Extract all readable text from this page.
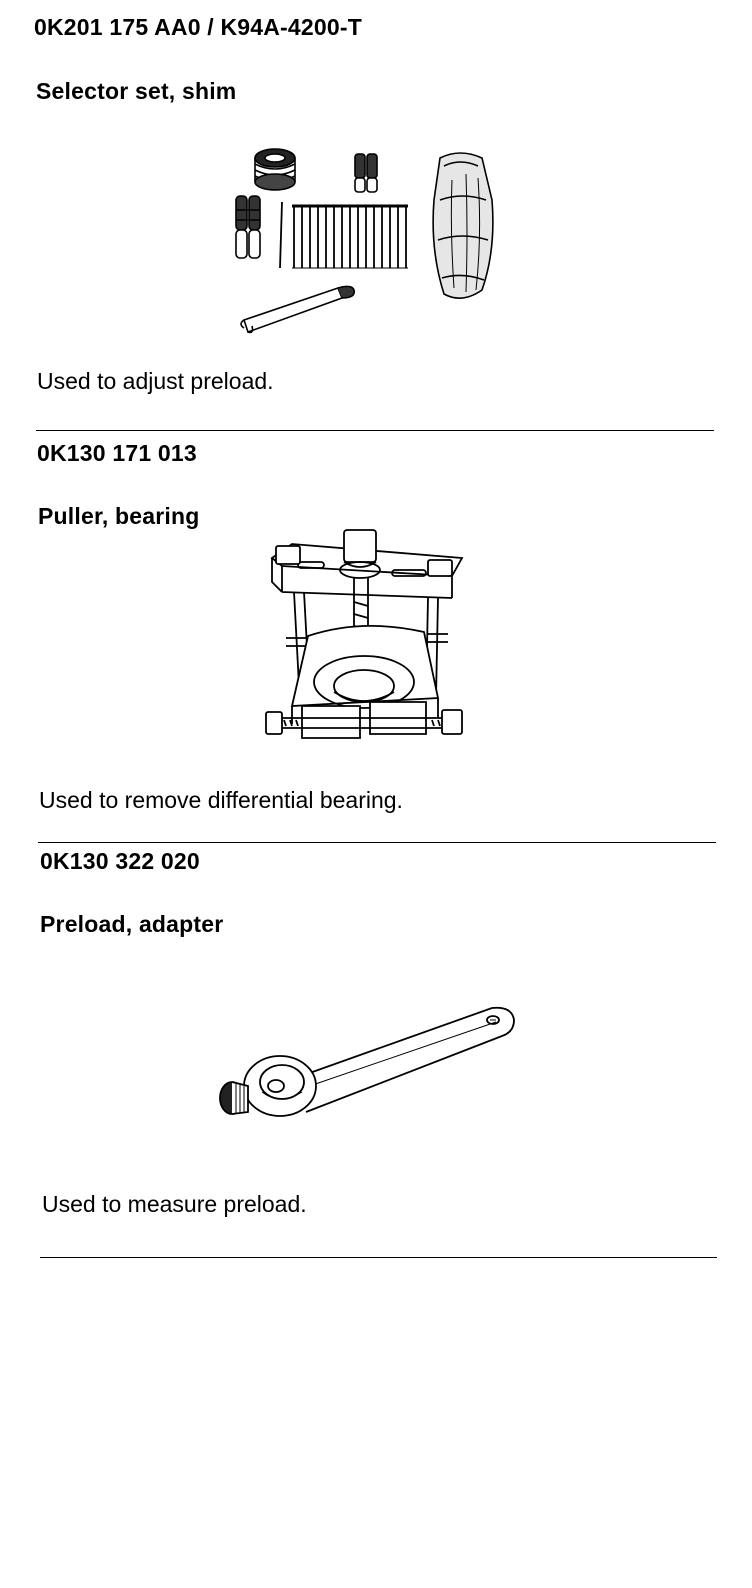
0K201 175 AA0 / K94A-4200-T

Selector set, shim

Used to adjust preload.

0K130 171 013

Puller, bearing

Used to remove differential bearing.

0K130 322 020

Preload, adapter

Used to measure preload.
